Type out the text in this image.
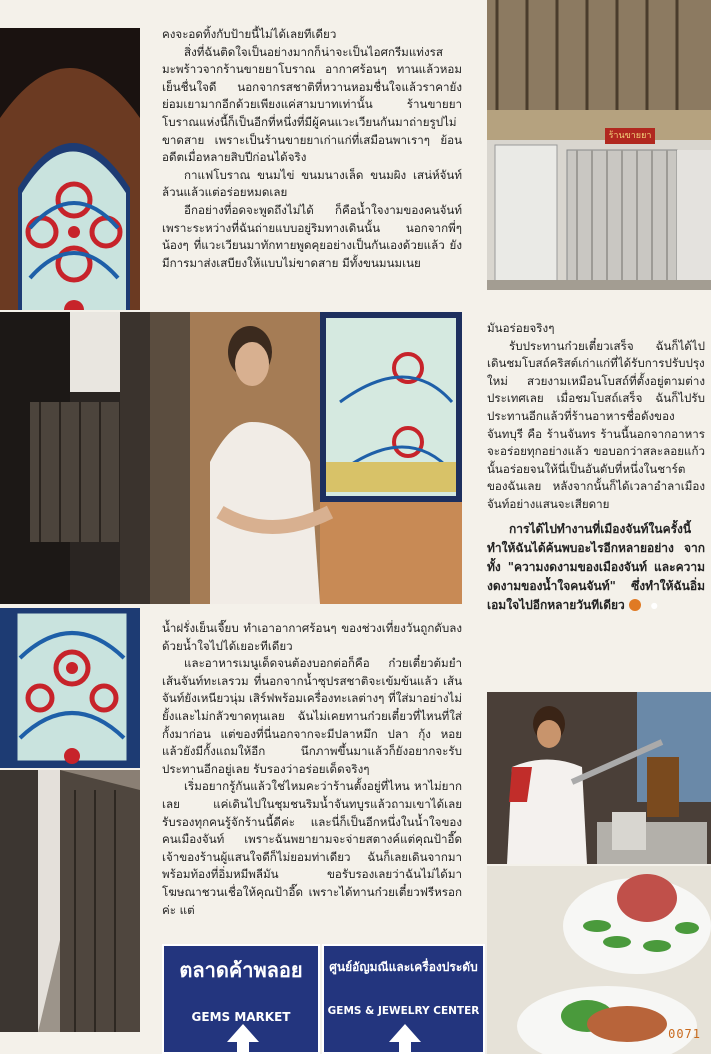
ร้านขายยา

คงจะอดทิ้งกับป้ายนี้ไม่ได้เลยทีเดียว

สิ่งที่ฉันติดใจเป็นอย่างมากก็น่าจะเป็นไอศกรีมแท่งรสมะพร้าวจากร้านขายยาโบราณ อากาศร้อนๆ ทานแล้วหอมเย็นชื่นใจดี นอกจากรสชาติที่หวานหอมชื่นใจแล้วราคายังย่อมเยามากอีกด้วยเพียงแค่สามบาทเท่านั้น ร้านขายยาโบราณแห่งนี้ก็เป็นอีกที่หนึ่งที่มีผู้คนแวะเวียนกันมาถ่ายรูปไม่ขาดสาย เพราะเป็นร้านขายยาเก่าแก่ที่เสมือนพาเราๆ ย้อนอดีตเมื่อหลายสิบปีก่อนได้จริง

กาแฟโบราณ ขนมไข่ ขนมนางเล็ด ขนมผิง เสน่ห์จันท์ ล้วนแล้วแต่อร่อยหมดเลย

อีกอย่างที่อดจะพูดถึงไม่ได้ ก็คือน้ำใจงามของคนจันท์ เพราะระหว่างที่ฉันถ่ายแบบอยู่ริมทางเดินนั้น นอกจากพี่ๆ น้องๆ ที่แวะเวียนมาทักทายพูดคุยอย่างเป็นกันเองด้วยแล้ว ยังมีการมาส่งเสบียงให้แบบไม่ขาดสาย มีทั้งขนมนมเนย

มันอร่อยจริงๆ

รับประทานก๋วยเตี๋ยวเสร็จ ฉันก็ได้ไปเดินชมโบสถ์คริสต์เก่าแก่ที่ได้รับการปรับปรุงใหม่ สวยงามเหมือนโบสถ์ที่ตั้งอยู่ตามต่างประเทศเลย เมื่อชมโบสถ์เสร็จ ฉันก็ไปรับประทานอีกแล้วที่ร้านอาหารชื่อดังของจันทบุรี คือ ร้านจันทร ร้านนี้นอกจากอาหารจะอร่อยทุกอย่างแล้ว ขอบอกว่าสละลอยแก้วนั้นอร่อยจนให้นี่เป็นอันดับที่หนึ่งในชาร์ตของฉันเลย หลังจากนั้นก็ได้เวลาอำลาเมืองจันท์อย่างแสนจะเสียดาย

การได้ไปทำงานที่เมืองจันท์ในครั้งนี้ ทำให้ฉันได้ค้นพบอะไรอีกหลายอย่าง จากทั้ง "ความงดงามของเมืองจันท์ และความงดงามของน้ำใจคนจันท์" ซึ่งทำให้ฉันอิ่มเอมใจไปอีกหลายวันทีเดียว	●

น้ำฝรั่งเย็นเจี๊ยบ ทำเอาอากาศร้อนๆ ของช่วงเที่ยงวันถูกดับลงด้วยน้ำใจไปได้เยอะทีเดียว

และอาหารเมนูเด็ดจนต้องบอกต่อก็คือ ก๋วยเตี๋ยวต้มยำเส้นจันท์ทะเลรวม ที่นอกจากน้ำซุปรสชาติจะเข้มข้นแล้ว เส้นจันท์ยังเหนียวนุ่ม เสิร์ฟพร้อมเครื่องทะเลต่างๆ ที่ใส่มาอย่างไม่ยั้งและไม่กลัวขาดทุนเลย ฉันไม่เคยทานก๋วยเตี๋ยวที่ไหนที่ใส่กั้งมาก่อน แต่ของที่นี่นอกจากจะมีปลาหมึก ปลา กุ้ง หอย แล้วยังมีกั้งแถมให้อีก นึกภาพขึ้นมาแล้วก็ยังอยากจะรับประทานอีกอยู่เลย รับรองว่าอร่อยเด็ดจริงๆ

เริ่มอยากรู้กันแล้วใช่ไหมคะว่าร้านตั้งอยู่ที่ไหน หาไม่ยากเลย แค่เดินไปในชุมชนริมน้ำจันทบูรแล้วถามเขาได้เลย รับรองทุกคนรู้จักร้านนี้ดีค่ะ และนี่ก็เป็นอีกหนึ่งในน้ำใจของคนเมืองจันท์ เพราะฉันพยายามจะจ่ายสตางค์แต่คุณป้าอี๊ดเจ้าของร้านผู้แสนใจดีก็ไม่ยอมท่าเดียว ฉันก็เลยเดินจากมาพร้อมท้องที่อิ่มหมีพลีมัน ขอรับรองเลยว่าฉันไม่ได้มาโฆษณาชวนเชื่อให้คุณป้าอี๊ด เพราะได้ทานก๋วยเตี๋ยวฟรีหรอกค่ะ แต่

ตลาดค้าพลอย
GEMS MARKET
ศูนย์อัญมณีและเครื่องประดับ
GEMS & JEWELRY CENTER
0071
